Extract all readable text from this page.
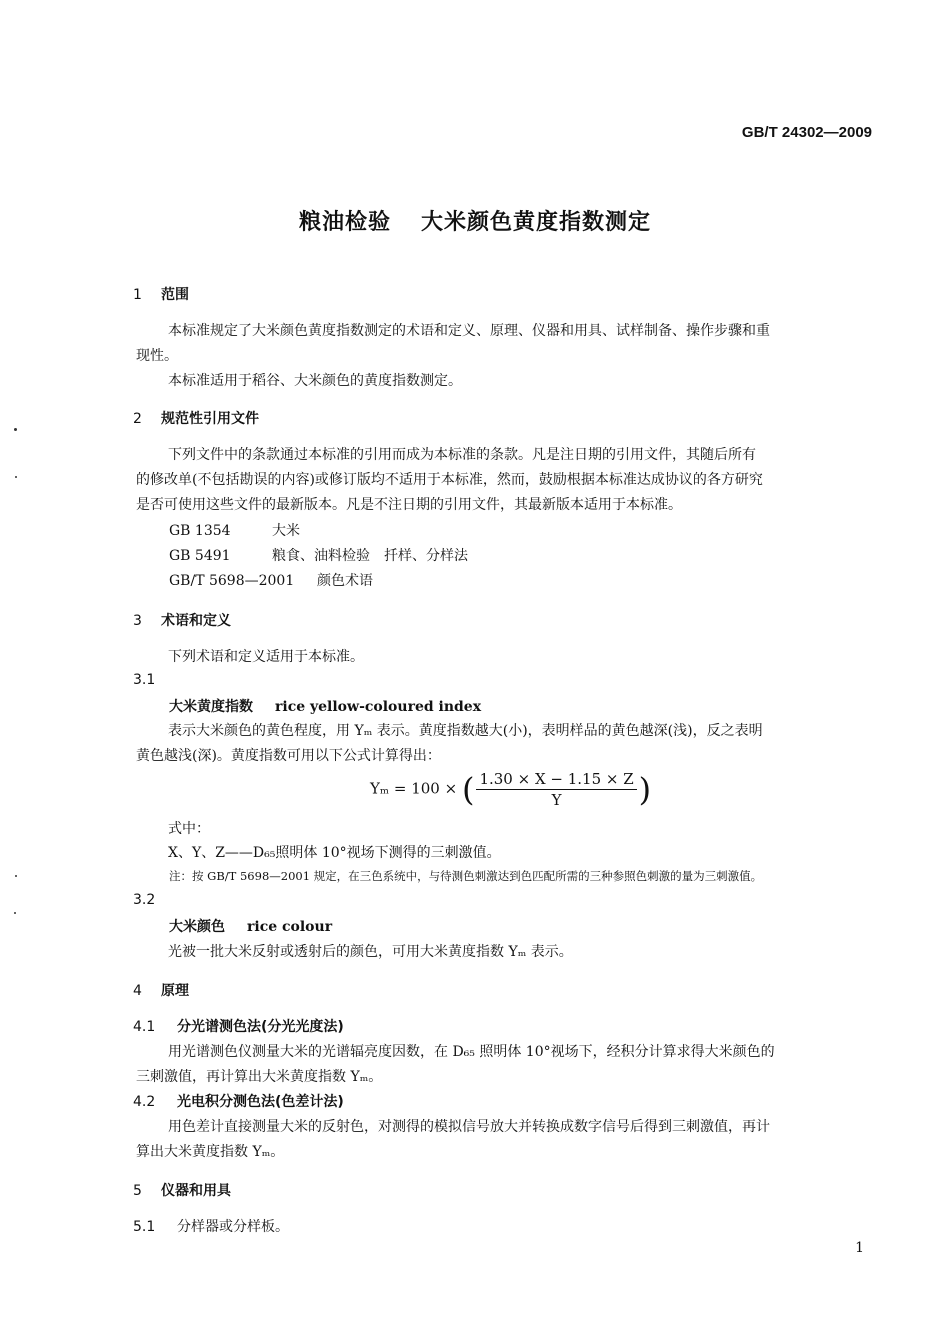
GB/T 24302—2009
粮油检验 大米颜色黄度指数测定
1 范围
本标准规定了大米颜色黄度指数测定的术语和定义、原理、仪器和用具、试样制备、操作步骤和重
现性。
本标准适用于稻谷、大米颜色的黄度指数测定。
2 规范性引用文件
下列文件中的条款通过本标准的引用而成为本标准的条款。凡是注日期的引用文件，其随后所有
的修改单(不包括勘误的内容)或修订版均不适用于本标准，然而，鼓励根据本标准达成协议的各方研究
是否可使用这些文件的最新版本。凡是不注日期的引用文件，其最新版本适用于本标准。
GB 1354	大米
GB 5491	粮食、油料检验　扦样、分样法
GB/T 5698—2001 颜色术语
3 术语和定义
下列术语和定义适用于本标准。
3.1
大米黄度指数 rice yellow-coloured index
表示大米颜色的黄色程度，用 Yₘ 表示。黄度指数越大(小)，表明样品的黄色越深(浅)，反之表明
黄色越浅(深)。黄度指数可用以下公式计算得出：
Yₘ = 100 × ( $\frac{1.30 \times X - 1.15 \times Z}{Y}$ )
式中：
X、Y、Z——D₆₅照明体 10°视场下测得的三刺激值。
注：按 GB/T 5698—2001 规定，在三色系统中，与待测色刺激达到色匹配所需的三种参照色刺激的量为三刺激值。
3.2
大米颜色 rice colour
光被一批大米反射或透射后的颜色，可用大米黄度指数 Yₘ 表示。
4 原理
4.1 分光谱测色法(分光光度法)
用光谱测色仪测量大米的光谱辐亮度因数，在 D₆₅ 照明体 10°视场下，经积分计算求得大米颜色的
三刺激值，再计算出大米黄度指数 Yₘ。
4.2 光电积分测色法(色差计法)
用色差计直接测量大米的反射色，对测得的模拟信号放大并转换成数字信号后得到三刺激值，再计
算出大米黄度指数 Yₘ。
5 仪器和用具
5.1 分样器或分样板。
1
